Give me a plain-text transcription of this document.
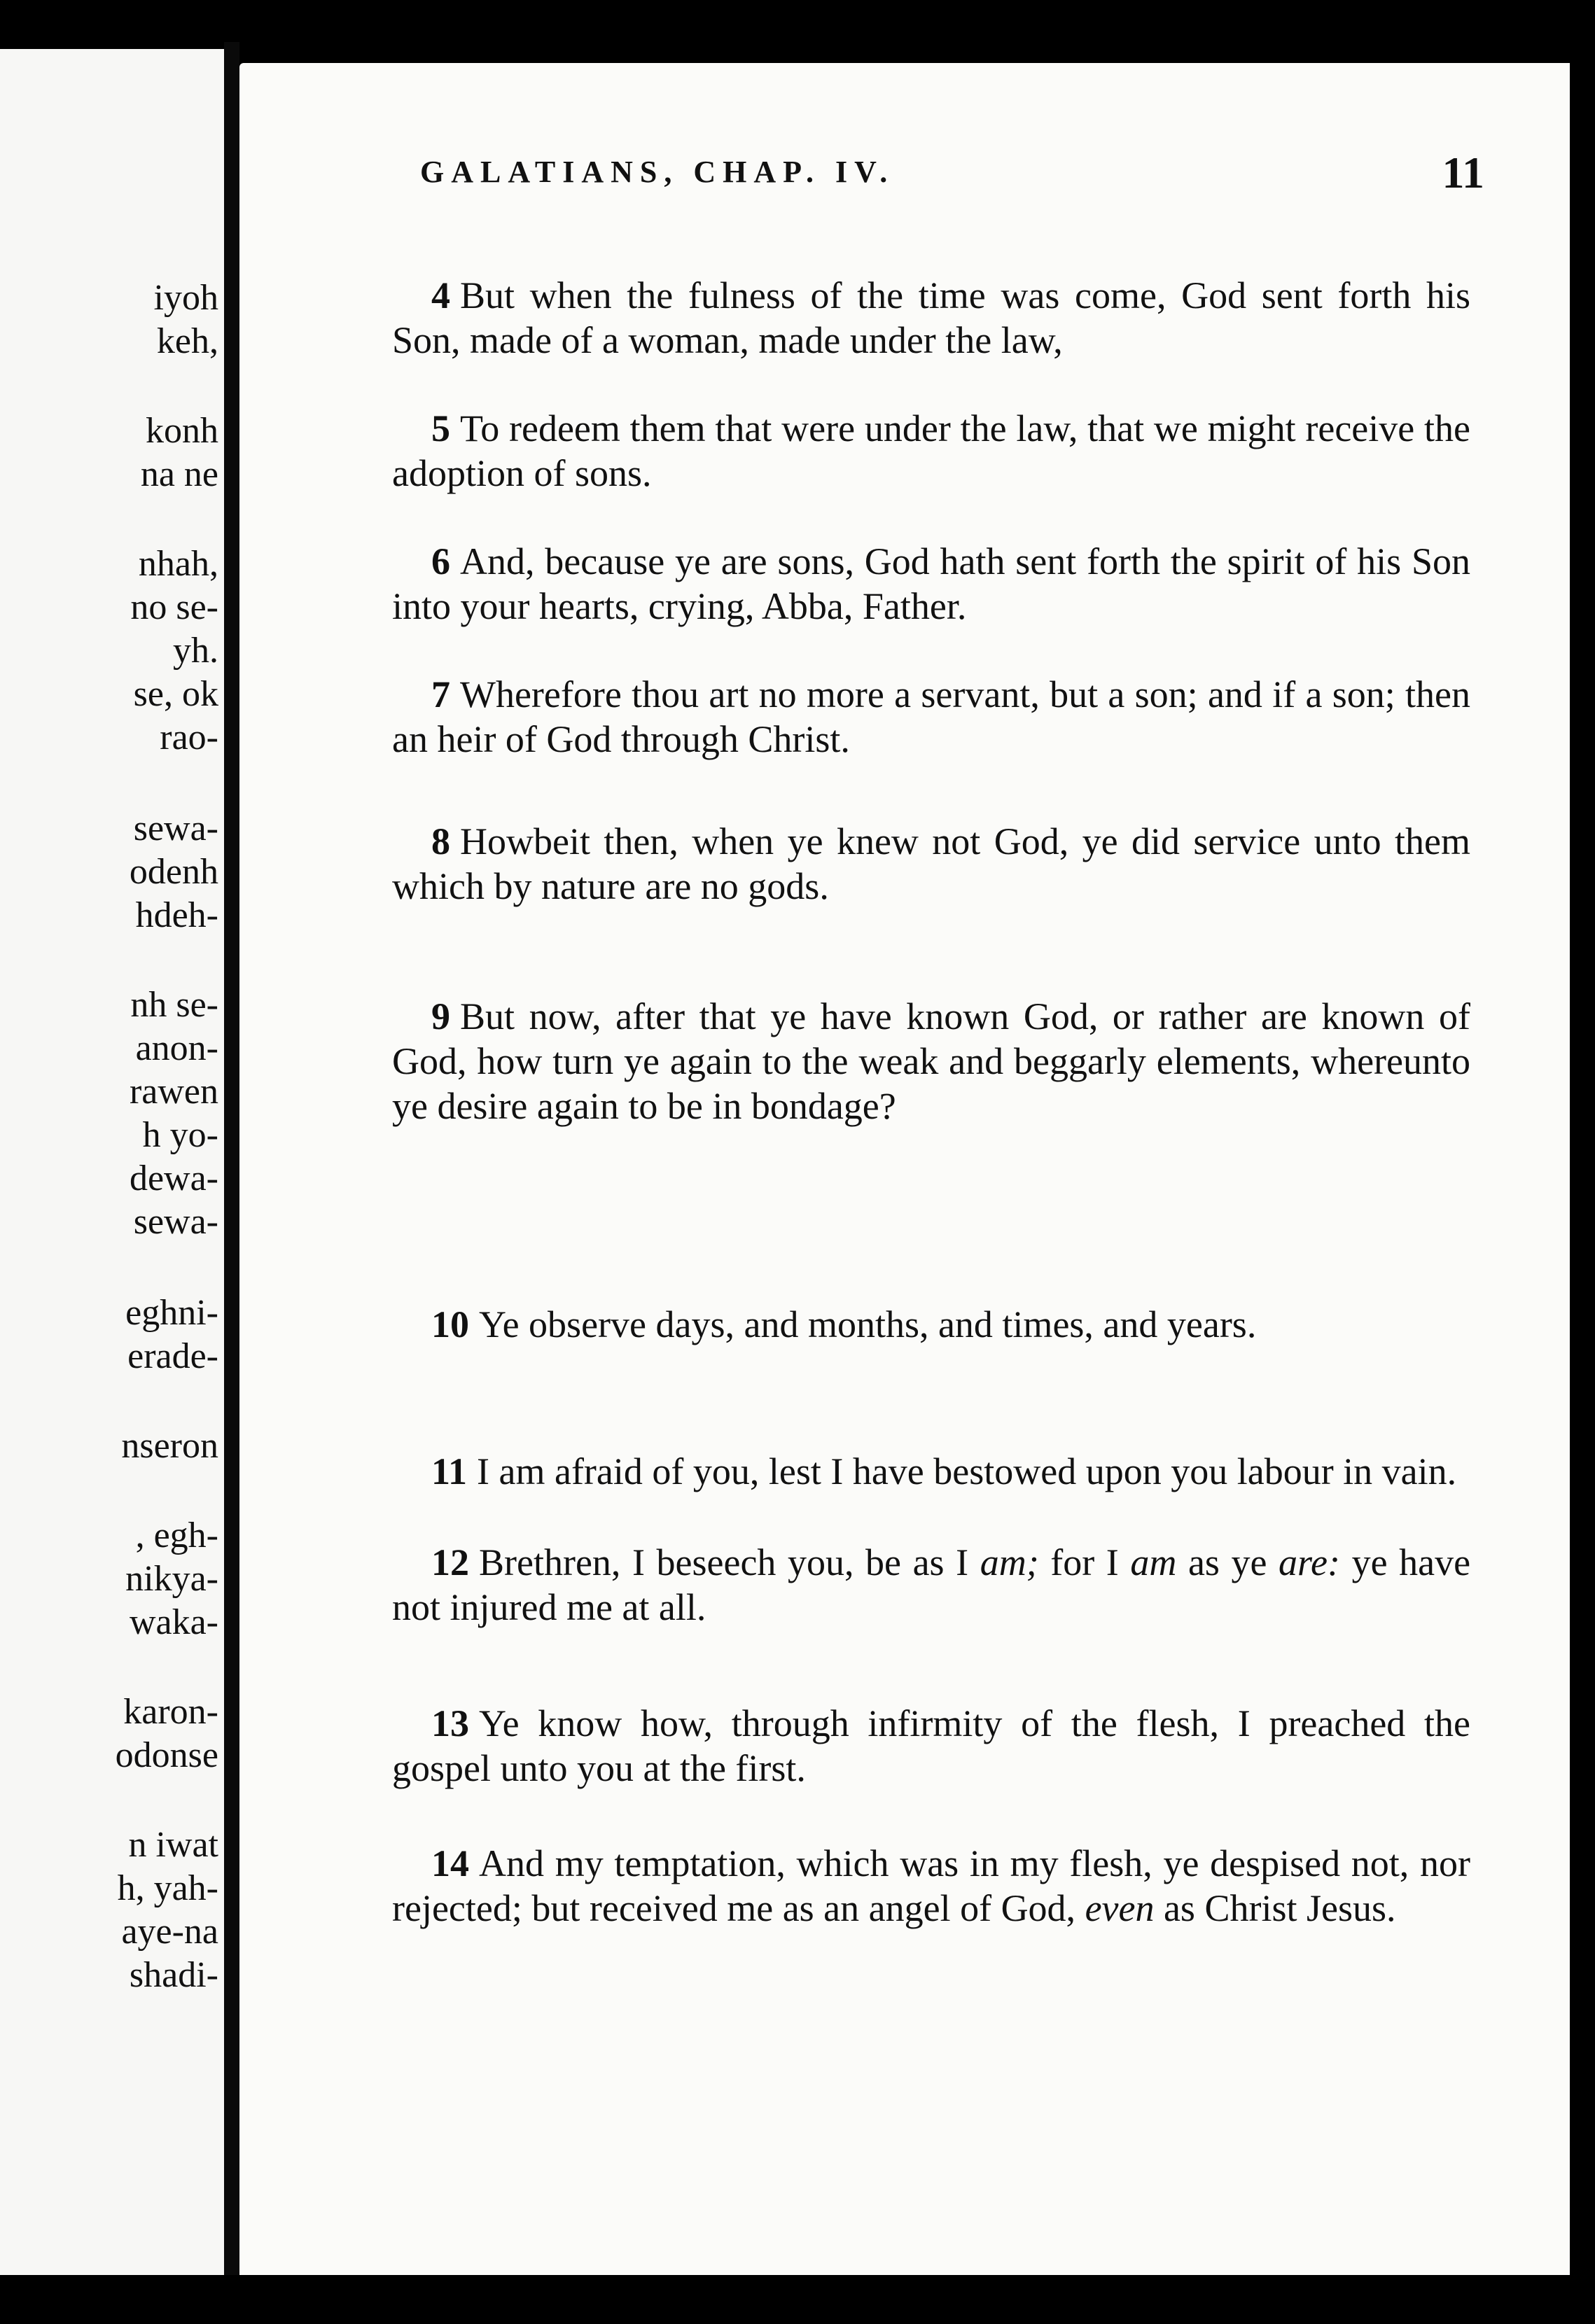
iyoh
keh,
konh
na ne
nhah,
no se-
yh.
se, ok
rao-
sewa-
odenh
hdeh-
nh se-
anon-
rawen
h yo-
dewa-
sewa-
eghni-
erade-
nseron
, egh-
nikya-
waka-
karon-
odonse
n iwat
h, yah-
aye-na
shadi-
GALATIANS, CHAP. IV.	11
4 But when the fulness of the time was come, God sent forth his Son, made of a woman, made under the law,
5 To redeem them that were under the law, that we might receive the adoption of sons.
6 And, because ye are sons, God hath sent forth the spirit of his Son into your hearts, crying, Abba, Father.
7 Wherefore thou art no more a servant, but a son; and if a son; then an heir of God through Christ.
8 Howbeit then, when ye knew not God, ye did service unto them which by nature are no gods.
9 But now, after that ye have known God, or rather are known of God, how turn ye again to the weak and beggarly elements, whereunto ye desire again to be in bondage?
10 Ye observe days, and months, and times, and years.
11 I am afraid of you, lest I have bestowed upon you labour in vain.
12 Brethren, I beseech you, be as I am; for I am as ye are: ye have not injured me at all.
13 Ye know how, through infirmity of the flesh, I preached the gospel unto you at the first.
14 And my temptation, which was in my flesh, ye despised not, nor rejected; but received me as an angel of God, even as Christ Jesus.
